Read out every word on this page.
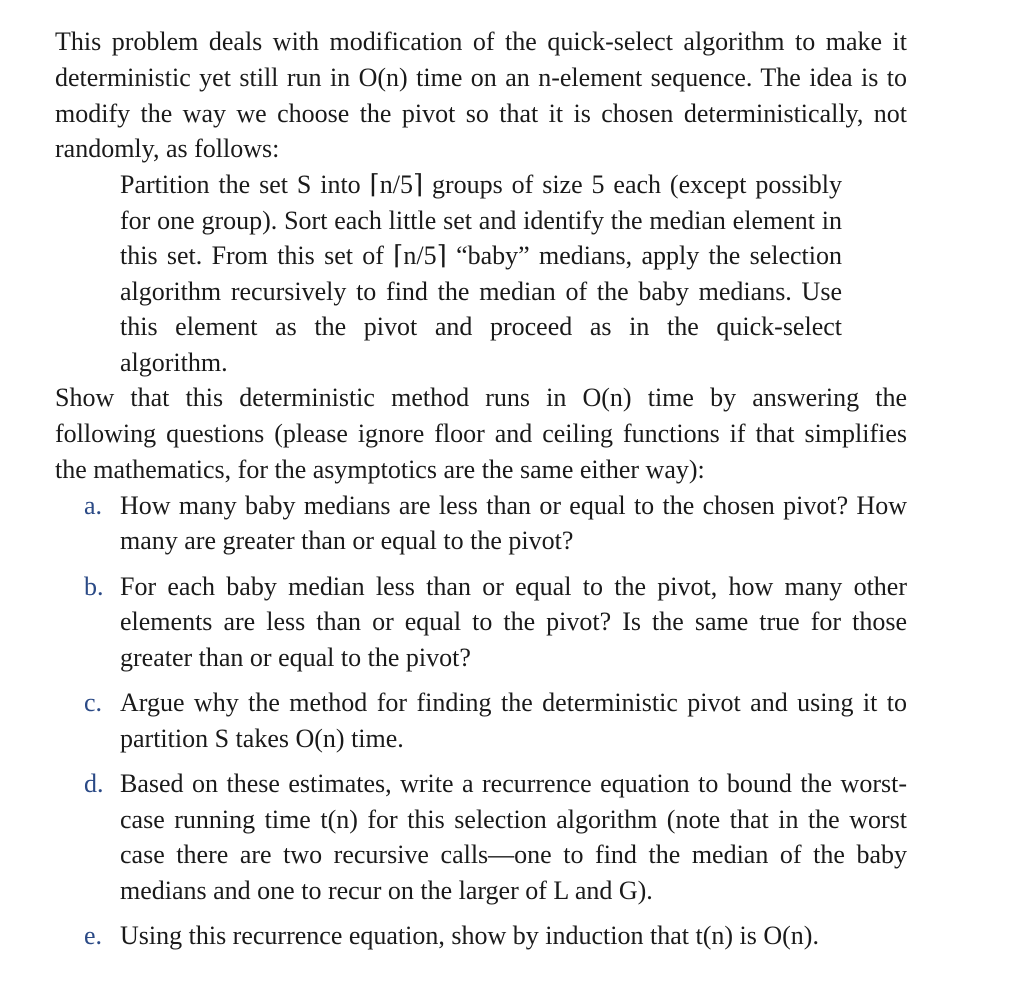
This problem deals with modification of the quick-select algorithm to make it deterministic yet still run in O(n) time on an n-element sequence. The idea is to modify the way we choose the pivot so that it is chosen deterministically, not randomly, as follows:
Partition the set S into ⌈n/5⌉ groups of size 5 each (except possibly for one group). Sort each little set and identify the median element in this set. From this set of ⌈n/5⌉ “baby” medians, apply the selection algorithm recursively to find the median of the baby medians. Use this element as the pivot and proceed as in the quick-select algorithm.
Show that this deterministic method runs in O(n) time by answering the following questions (please ignore floor and ceiling functions if that simplifies the mathematics, for the asymptotics are the same either way):
a. How many baby medians are less than or equal to the chosen pivot? How many are greater than or equal to the pivot?
b. For each baby median less than or equal to the pivot, how many other elements are less than or equal to the pivot? Is the same true for those greater than or equal to the pivot?
c. Argue why the method for finding the deterministic pivot and using it to partition S takes O(n) time.
d. Based on these estimates, write a recurrence equation to bound the worst-case running time t(n) for this selection algorithm (note that in the worst case there are two recursive calls—one to find the median of the baby medians and one to recur on the larger of L and G).
e. Using this recurrence equation, show by induction that t(n) is O(n).
